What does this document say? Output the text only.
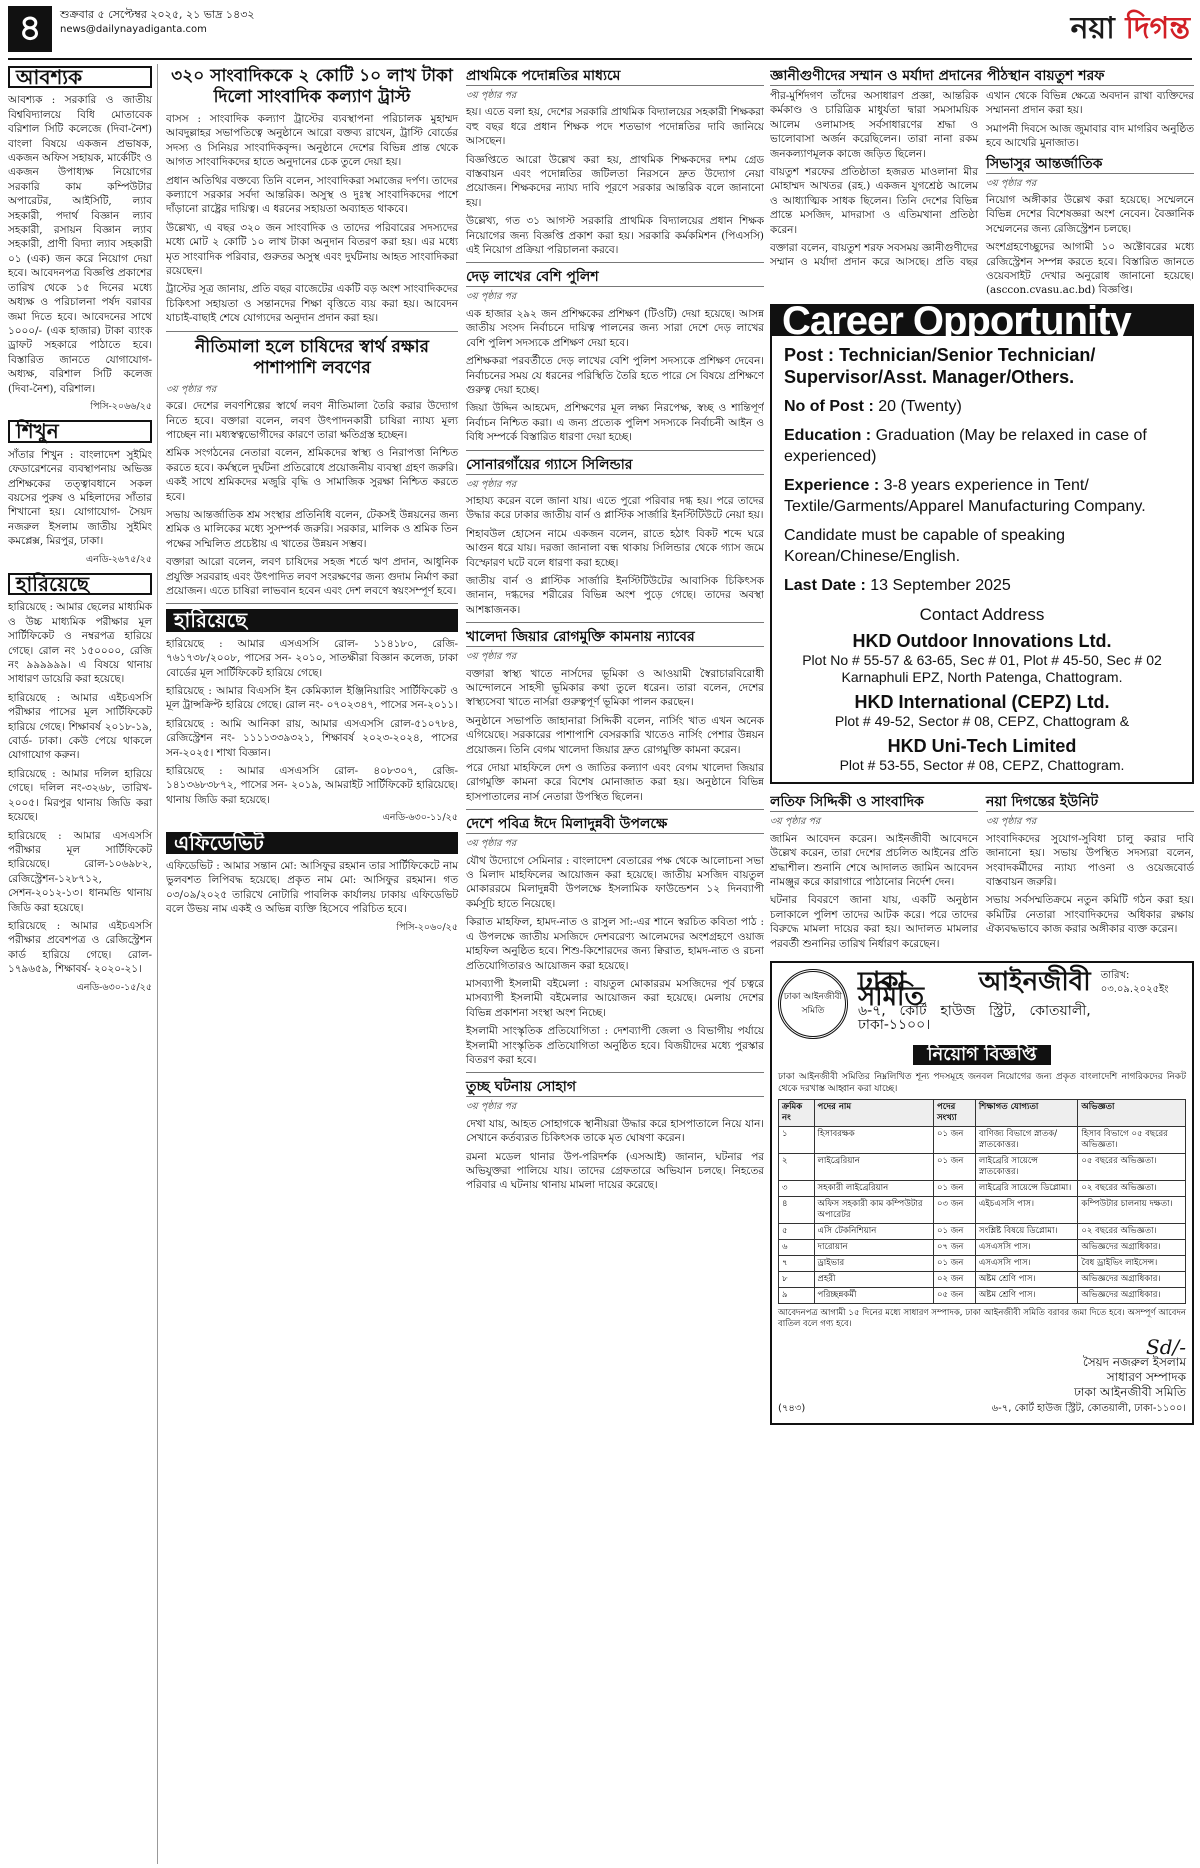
৪	শুক্রবার ৫ সেপ্টেম্বর ২০২৫, ২১ ভাদ্র ১৪৩২
news@dailynayadiganta.com	নয়া দিগন্ত
আবশ্যক

আবশ্যক : সরকারি ও জাতীয় বিশ্ববিদ্যালয়ে বিধি মোতাবেক বরিশাল সিটি কলেজে (দিবা-নৈশ) বাংলা বিষয়ে একজন প্রভাষক, একজন অফিস সহায়ক, মার্কেটিং ও একজন উপাধ্যক্ষ নিয়োগের সরকারি কাম কম্পিউটার অপারেটর, আইসিটি, ল্যাব সহকারী, পদার্থ বিজ্ঞান ল্যাব সহকারী, রসায়ন বিজ্ঞান ল্যাব সহকারী, প্রাণী বিদ্যা ল্যাব সহকারী ০১ (এক) জন করে নিয়োগ দেয়া হবে। আবেদনপত্র বিজ্ঞপ্তি প্রকাশের তারিখ থেকে ১৫ দিনের মধ্যে অধ্যক্ষ ও পরিচালনা পর্ষদ বরাবর জমা দিতে হবে। আবেদনের সাথে ১০০০/- (এক হাজার) টাকা ব্যাংক ড্রাফট সহকারে পাঠাতে হবে। বিস্তারিত জানতে যোগাযোগ- অধ্যক্ষ, বরিশাল সিটি কলেজ (দিবা-নৈশ), বরিশাল।

পিসি-২০৬৬/২৫
শিখুন

সাঁতার শিখুন : বাংলাদেশ সুইমিং ফেডারেশনের ব্যবস্থাপনায় অভিজ্ঞ প্রশিক্ষকের তত্ত্বাবধানে সকল বয়সের পুরুষ ও মহিলাদের সাঁতার শিখানো হয়। যোগাযোগ- সৈয়দ নজরুল ইসলাম জাতীয় সুইমিং কমপ্লেক্স, মিরপুর, ঢাকা।

এনডি-২৬৭৫/২৫
হারিয়েছে

হারিয়েছে : আমার ছেলের মাধ্যমিক ও উচ্চ মাধ্যমিক পরীক্ষার মূল সার্টিফিকেট ও নম্বরপত্র হারিয়ে গেছে। রোল নং ১৫০০০০, রেজি নং ৯৯৯৯৯৯। এ বিষয়ে থানায় সাধারণ ডায়েরি করা হয়েছে।

হারিয়েছে : আমার এইচএসসি পরীক্ষার পাসের মূল সার্টিফিকেট হারিয়ে গেছে। শিক্ষাবর্ষ ২০১৮-১৯, বোর্ড- ঢাকা। কেউ পেয়ে থাকলে যোগাযোগ করুন।

হারিয়েছে : আমার দলিল হারিয়ে গেছে। দলিল নং-৩২৬৮, তারিখ- ২০০৫। মিরপুর থানায় জিডি করা হয়েছে।

হারিয়েছে : আমার এসএসসি পরীক্ষার মূল সার্টিফিকেট হারিয়েছে। রোল-১০৬৯৮২, রেজিস্ট্রেশন-১২৮৭১২, সেশন-২০১২-১৩। ধানমন্ডি থানায় জিডি করা হয়েছে।

হারিয়েছে : আমার এইচএসসি পরীক্ষার প্রবেশপত্র ও রেজিস্ট্রেশন কার্ড হারিয়ে গেছে। রোল- ১৭৯৬৫৯, শিক্ষাবর্ষ- ২০২০-২১।

এনডি-৬৩০-১৫/২৫
৩২০ সাংবাদিককে ২ কোটি ১০ লাখ টাকা দিলো সাংবাদিক কল্যাণ ট্রাস্ট

বাসস : সাংবাদিক কল্যাণ ট্রাস্টের ব্যবস্থাপনা পরিচালক মুহাম্মদ আবদুল্লাহর সভাপতিত্বে অনুষ্ঠানে আরো বক্তব্য রাখেন, ট্রাস্টি বোর্ডের সদস্য ও সিনিয়র সাংবাদিকবৃন্দ। অনুষ্ঠানে দেশের বিভিন্ন প্রান্ত থেকে আগত সাংবাদিকদের হাতে অনুদানের চেক তুলে দেয়া হয়।

প্রধান অতিথির বক্তব্যে তিনি বলেন, সাংবাদিকরা সমাজের দর্পণ। তাদের কল্যাণে সরকার সর্বদা আন্তরিক। অসুস্থ ও দুঃস্থ সাংবাদিকদের পাশে দাঁড়ানো রাষ্ট্রের দায়িত্ব। এ ধরনের সহায়তা অব্যাহত থাকবে।

উল্লেখ্য, এ বছর ৩২০ জন সাংবাদিক ও তাদের পরিবারের সদস্যদের মধ্যে মোট ২ কোটি ১০ লাখ টাকা অনুদান বিতরণ করা হয়। এর মধ্যে মৃত সাংবাদিক পরিবার, গুরুতর অসুস্থ এবং দুর্ঘটনায় আহত সাংবাদিকরা রয়েছেন।

ট্রাস্টের সূত্র জানায়, প্রতি বছর বাজেটের একটি বড় অংশ সাংবাদিকদের চিকিৎসা সহায়তা ও সন্তানদের শিক্ষা বৃত্তিতে ব্যয় করা হয়। আবেদন যাচাই-বাছাই শেষে যোগ্যদের অনুদান প্রদান করা হয়।

নীতিমালা হলে চাষিদের স্বার্থ রক্ষার পাশাপাশি লবণের
৩য় পৃষ্ঠার পর

করে। দেশের লবণশিল্পের স্বার্থে লবণ নীতিমালা তৈরি করার উদ্যোগ নিতে হবে। বক্তারা বলেন, লবণ উৎপাদনকারী চাষিরা ন্যায্য মূল্য পাচ্ছেন না। মধ্যস্বত্বভোগীদের কারণে তারা ক্ষতিগ্রস্ত হচ্ছেন।

শ্রমিক সংগঠনের নেতারা বলেন, শ্রমিকদের স্বাস্থ্য ও নিরাপত্তা নিশ্চিত করতে হবে। কর্মস্থলে দুর্ঘটনা প্রতিরোধে প্রয়োজনীয় ব্যবস্থা গ্রহণ জরুরি। একই সাথে শ্রমিকদের মজুরি বৃদ্ধি ও সামাজিক সুরক্ষা নিশ্চিত করতে হবে।

সভায় আন্তর্জাতিক শ্রম সংস্থার প্রতিনিধি বলেন, টেকসই উন্নয়নের জন্য শ্রমিক ও মালিকের মধ্যে সুসম্পর্ক জরুরি। সরকার, মালিক ও শ্রমিক তিন পক্ষের সম্মিলিত প্রচেষ্টায় এ খাতের উন্নয়ন সম্ভব।

বক্তারা আরো বলেন, লবণ চাষিদের সহজ শর্তে ঋণ প্রদান, আধুনিক প্রযুক্তি সরবরাহ এবং উৎপাদিত লবণ সংরক্ষণের জন্য গুদাম নির্মাণ করা প্রয়োজন। এতে চাষিরা লাভবান হবেন এবং দেশ লবণে স্বয়ংসম্পূর্ণ হবে।

হারিয়েছে

হারিয়েছে : আমার এসএসসি রোল- ১১৪১৮০, রেজি- ৭৬১৭৩৮/২০০৮, পাসের সন- ২০১০, সাতক্ষীরা বিজ্ঞান কলেজ, ঢাকা বোর্ডের মূল সার্টিফিকেট হারিয়ে গেছে।

হারিয়েছে : আমার বিএসসি ইন কেমিক্যাল ইঞ্জিনিয়ারিং সার্টিফিকেট ও মূল ট্রান্সক্রিপ্ট হারিয়ে গেছে। রোল নং- ০৭০২৩৪৭, পাসের সন-২০১১।

হারিয়েছে : আমি আনিকা রায়, আমার এসএসসি রোল-৫১০৭৮৪, রেজিস্ট্রেশন নং- ১১১১৩৩৯৩২১, শিক্ষাবর্ষ ২০২৩-২০২৪, পাসের সন-২০২৫। শাখা বিজ্ঞান।

হারিয়েছে : আমার এসএসসি রোল- ৪০৮৩০৭, রেজি- ১৪১৩৬৮৩৮৭২, পাসের সন- ২০১৯, আমরাইট সার্টিফিকেট হারিয়েছে। থানায় জিডি করা হয়েছে।

এনডি-৬৩০-১১/২৫
এফিডেভিট

এফিডেভিট : আমার সন্তান মো: আসিফুর রহমান তার সার্টিফিকেটে নাম ভুলবশত লিপিবদ্ধ হয়েছে। প্রকৃত নাম মো: আসিফুর রহমান। গত ০৩/০৯/২০২৫ তারিখে নোটারি পাবলিক কার্যালয় ঢাকায় এফিডেভিট বলে উভয় নাম একই ও অভিন্ন ব্যক্তি হিসেবে পরিচিত হবে।

পিসি-২০৬০/২৫
প্রাথমিকে পদোন্নতির মাধ্যমে
৩য় পৃষ্ঠার পর

হয়। এতে বলা হয়, দেশের সরকারি প্রাথমিক বিদ্যালয়ের সহকারী শিক্ষকরা বহু বছর ধরে প্রধান শিক্ষক পদে শতভাগ পদোন্নতির দাবি জানিয়ে আসছেন।

বিজ্ঞপ্তিতে আরো উল্লেখ করা হয়, প্রাথমিক শিক্ষকদের দশম গ্রেড বাস্তবায়ন এবং পদোন্নতির জটিলতা নিরসনে দ্রুত উদ্যোগ নেয়া প্রয়োজন। শিক্ষকদের ন্যায্য দাবি পূরণে সরকার আন্তরিক বলে জানানো হয়।

উল্লেখ্য, গত ৩১ আগস্ট সরকারি প্রাথমিক বিদ্যালয়ের প্রধান শিক্ষক নিয়োগের জন্য বিজ্ঞপ্তি প্রকাশ করা হয়। সরকারি কর্মকমিশন (পিএসসি) এই নিয়োগ প্রক্রিয়া পরিচালনা করবে।

দেড় লাখের বেশি পুলিশ
৩য় পৃষ্ঠার পর

এক হাজার ২৯২ জন প্রশিক্ষকের প্রশিক্ষণ (টিওটি) দেয়া হয়েছে। আসন্ন জাতীয় সংসদ নির্বাচনে দায়িত্ব পালনের জন্য সারা দেশে দেড় লাখের বেশি পুলিশ সদস্যকে প্রশিক্ষণ দেয়া হবে।

প্রশিক্ষকরা পরবর্তীতে দেড় লাখের বেশি পুলিশ সদস্যকে প্রশিক্ষণ দেবেন। নির্বাচনের সময় যে ধরনের পরিস্থিতি তৈরি হতে পারে সে বিষয়ে প্রশিক্ষণে গুরুত্ব দেয়া হচ্ছে।

জিয়া উদ্দিন আহমেদ, প্রশিক্ষণের মূল লক্ষ্য নিরপেক্ষ, স্বচ্ছ ও শান্তিপূর্ণ নির্বাচন নিশ্চিত করা। এ জন্য প্রত্যেক পুলিশ সদস্যকে নির্বাচনী আইন ও বিধি সম্পর্কে বিস্তারিত ধারণা দেয়া হচ্ছে।

সোনারগাঁয়ের গ্যাসে সিলিন্ডার
৩য় পৃষ্ঠার পর

সাহায্য করেন বলে জানা যায়। এতে পুরো পরিবার দগ্ধ হয়। পরে তাদের উদ্ধার করে ঢাকার জাতীয় বার্ন ও প্লাস্টিক সার্জারি ইনস্টিটিউটে নেয়া হয়।

শিহাবউল হোসেন নামে একজন বলেন, রাতে হঠাৎ বিকট শব্দে ঘরে আগুন ধরে যায়। দরজা জানালা বন্ধ থাকায় সিলিন্ডার থেকে গ্যাস জমে বিস্ফোরণ ঘটে বলে ধারণা করা হচ্ছে।

জাতীয় বার্ন ও প্লাস্টিক সার্জারি ইনস্টিটিউটের আবাসিক চিকিৎসক জানান, দগ্ধদের শরীরের বিভিন্ন অংশ পুড়ে গেছে। তাদের অবস্থা আশঙ্কাজনক।

খালেদা জিয়ার রোগমুক্তি কামনায় ন্যাবের
৩য় পৃষ্ঠার পর

বক্তারা স্বাস্থ্য খাতে নার্সদের ভূমিকা ও আওয়ামী স্বৈরাচারবিরোধী আন্দোলনে সাহসী ভূমিকার কথা তুলে ধরেন। তারা বলেন, দেশের স্বাস্থ্যসেবা খাতে নার্সরা গুরুত্বপূর্ণ ভূমিকা পালন করছেন।

অনুষ্ঠানে সভাপতি জাহানারা সিদ্দিকী বলেন, নার্সিং খাত এখন অনেক এগিয়েছে। সরকারের পাশাপাশি বেসরকারি খাতেও নার্সিং পেশার উন্নয়ন প্রয়োজন। তিনি বেগম খালেদা জিয়ার দ্রুত রোগমুক্তি কামনা করেন।

পরে দোয়া মাহফিলে দেশ ও জাতির কল্যাণ এবং বেগম খালেদা জিয়ার রোগমুক্তি কামনা করে বিশেষ মোনাজাত করা হয়। অনুষ্ঠানে বিভিন্ন হাসপাতালের নার্স নেতারা উপস্থিত ছিলেন।

দেশে পবিত্র ঈদে মিলাদুন্নবী উপলক্ষে
৩য় পৃষ্ঠার পর

যৌথ উদ্যোগে সেমিনার : বাংলাদেশ বেতারের পক্ষ থেকে আলোচনা সভা ও মিলাদ মাহফিলের আয়োজন করা হয়েছে। জাতীয় মসজিদ বায়তুল মোকাররমে মিলাদুন্নবী উপলক্ষে ইসলামিক ফাউন্ডেশন ১২ দিনব্যাপী কর্মসূচি হাতে নিয়েছে।

কিরাত মাহফিল, হামদ-নাত ও রাসুল সা:-এর শানে স্বরচিত কবিতা পাঠ : এ উপলক্ষে জাতীয় মসজিদে দেশবরেণ্য আলেমদের অংশগ্রহণে ওয়াজ মাহফিল অনুষ্ঠিত হবে। শিশু-কিশোরদের জন্য ক্বিরাত, হামদ-নাত ও রচনা প্রতিযোগিতারও আয়োজন করা হয়েছে।

মাসব্যাপী ইসলামী বইমেলা : বায়তুল মোকাররম মসজিদের পূর্ব চত্বরে মাসব্যাপী ইসলামী বইমেলার আয়োজন করা হয়েছে। মেলায় দেশের বিভিন্ন প্রকাশনা সংস্থা অংশ নিচ্ছে।

ইসলামী সাংস্কৃতিক প্রতিযোগিতা : দেশব্যাপী জেলা ও বিভাগীয় পর্যায়ে ইসলামী সাংস্কৃতিক প্রতিযোগিতা অনুষ্ঠিত হবে। বিজয়ীদের মধ্যে পুরস্কার বিতরণ করা হবে।

তুচ্ছ ঘটনায় সোহাগ
৩য় পৃষ্ঠার পর

দেখা যায়, আহত সোহাগকে স্থানীয়রা উদ্ধার করে হাসপাতালে নিয়ে যান। সেখানে কর্তব্যরত চিকিৎসক তাকে মৃত ঘোষণা করেন।

রমনা মডেল থানার উপ-পরিদর্শক (এসআই) জানান, ঘটনার পর অভিযুক্তরা পালিয়ে যায়। তাদের গ্রেফতারে অভিযান চলছে। নিহতের পরিবার এ ঘটনায় থানায় মামলা দায়ের করেছে।

জ্ঞানীগুণীদের সম্মান ও মর্যাদা প্রদানের পীঠস্থান বায়তুশ শরফ

পীর-মুর্শিদগণ তাঁদের অসাধারণ প্রজ্ঞা, আন্তরিক কর্মকাণ্ড ও চারিত্রিক মাধুর্যতা দ্বারা সমসাময়িক আলেম ওলামাসহ সর্বসাধারণের শ্রদ্ধা ও ভালোবাসা অর্জন করেছিলেন। তারা নানা রকম জনকল্যাণমূলক কাজে জড়িত ছিলেন।

বায়তুশ শরফের প্রতিষ্ঠাতা হজরত মাওলানা মীর মোহাম্মদ আখতর (রহ.) একজন যুগশ্রেষ্ঠ আলেম ও আধ্যাত্মিক সাধক ছিলেন। তিনি দেশের বিভিন্ন প্রান্তে মসজিদ, মাদরাসা ও এতিমখানা প্রতিষ্ঠা করেন।

বক্তারা বলেন, বায়তুশ শরফ সবসময় জ্ঞানীগুণীদের সম্মান ও মর্যাদা প্রদান করে আসছে। প্রতি বছর এখান থেকে বিভিন্ন ক্ষেত্রে অবদান রাখা ব্যক্তিদের সম্মাননা প্রদান করা হয়।

সমাপনী দিবসে আজ জুমাবার বাদ মাগরিব অনুষ্ঠিত হবে আখেরি মুনাজাত।

সিভাসুর আন্তর্জাতিক
৩য় পৃষ্ঠার পর

নিয়োগ অঙ্গীকার উল্লেখ করা হয়েছে। সম্মেলনে বিভিন্ন দেশের বিশেষজ্ঞরা অংশ নেবেন। বৈজ্ঞানিক সম্মেলনের জন্য রেজিস্ট্রেশন চলছে।

অংশগ্রহণেচ্ছুদের আগামী ১০ অক্টোবরের মধ্যে রেজিস্ট্রেশন সম্পন্ন করতে হবে। বিস্তারিত জানতে ওয়েবসাইট দেখার অনুরোধ জানানো হয়েছে। (asccon.cvasu.ac.bd) বিজ্ঞপ্তি।

Career Opportunity

Post : Technician/Senior Technician/ Supervisor/Asst. Manager/Others.

No of Post : 20 (Twenty)

Education : Graduation (May be relaxed in case of experienced)

Experience : 3-8 years experience in Tent/ Textile/Garments/Apparel Manufacturing Company.

Candidate must be capable of speaking Korean/Chinese/English.

Last Date : 13 September 2025

Contact Address
HKD Outdoor Innovations Ltd.
Plot No # 55-57 & 63-65, Sec # 01, Plot # 45-50, Sec # 02 Karnaphuli EPZ, North Patenga, Chattogram.
HKD International (CEPZ) Ltd.
Plot # 49-52, Sector # 08, CEPZ, Chattogram &
HKD Uni-Tech Limited
Plot # 53-55, Sector # 08, CEPZ, Chattogram.
লতিফ সিদ্দিকী ও সাংবাদিক
৩য় পৃষ্ঠার পর

জামিন আবেদন করেন। আইনজীবী আবেদনে উল্লেখ করেন, তারা দেশের প্রচলিত আইনের প্রতি শ্রদ্ধাশীল। শুনানি শেষে আদালত জামিন আবেদন নামঞ্জুর করে কারাগারে পাঠানোর নির্দেশ দেন।

ঘটনার বিবরণে জানা যায়, একটি অনুষ্ঠান চলাকালে পুলিশ তাদের আটক করে। পরে তাদের বিরুদ্ধে মামলা দায়ের করা হয়। আদালত মামলার পরবর্তী শুনানির তারিখ নির্ধারণ করেছেন।

নয়া দিগন্তের ইউনিট
৩য় পৃষ্ঠার পর

সাংবাদিকদের সুযোগ-সুবিধা চালু করার দাবি জানানো হয়। সভায় উপস্থিত সদস্যরা বলেন, সংবাদকর্মীদের ন্যায্য পাওনা ও ওয়েজবোর্ড বাস্তবায়ন জরুরি।

সভায় সর্বসম্মতিক্রমে নতুন কমিটি গঠন করা হয়। কমিটির নেতারা সাংবাদিকদের অধিকার রক্ষায় ঐক্যবদ্ধভাবে কাজ করার অঙ্গীকার ব্যক্ত করেন।

ঢাকা আইনজীবী সমিতি
ঢাকা আইনজীবী সমিতি
৬-৭, কোর্ট হাউজ স্ট্রিট, কোতয়ালী, ঢাকা-১১০০।
তারিখ: ০৩.০৯.২০২৫ইং
নিয়োগ বিজ্ঞপ্তি
ঢাকা আইনজীবী সমিতির নিম্নলিখিত শূন্য পদসমূহে জনবল নিয়োগের জন্য প্রকৃত বাংলাদেশি নাগরিকদের নিকট থেকে দরখাস্ত আহ্বান করা যাচ্ছে।
ক্রমিক নং	পদের নাম	পদের সংখ্যা	শিক্ষাগত যোগ্যতা	অভিজ্ঞতা
১	হিসাবরক্ষক	০১ জন	বাণিজ্য বিভাগে স্নাতক/স্নাতকোত্তর।	হিসাব বিভাগে ০৫ বছরের অভিজ্ঞতা।
২	লাইব্রেরিয়ান	০১ জন	লাইব্রেরি সায়েন্সে স্নাতকোত্তর।	০৫ বছরের অভিজ্ঞতা।
৩	সহকারী লাইব্রেরিয়ান	০১ জন	লাইব্রেরি সায়েন্সে ডিপ্লোমা।	০২ বছরের অভিজ্ঞতা।
৪	অফিস সহকারী কাম কম্পিউটার অপারেটর	০৩ জন	এইচএসসি পাস।	কম্পিউটার চালনায় দক্ষতা।
৫	এসি টেকনিশিয়ান	০১ জন	সংশ্লিষ্ট বিষয়ে ডিপ্লোমা।	০২ বছরের অভিজ্ঞতা।
৬	দারোয়ান	০৭ জন	এসএসসি পাস।	অভিজ্ঞদের অগ্রাধিকার।
৭	ড্রাইভার	০১ জন	এসএসসি পাস।	বৈধ ড্রাইভিং লাইসেন্স।
৮	প্রহরী	০২ জন	অষ্টম শ্রেণি পাস।	অভিজ্ঞদের অগ্রাধিকার।
৯	পরিচ্ছন্নকর্মী	০৫ জন	অষ্টম শ্রেণি পাস।	অভিজ্ঞদের অগ্রাধিকার।
আবেদনপত্র আগামী ১৫ দিনের মধ্যে সাধারণ সম্পাদক, ঢাকা আইনজীবী সমিতি বরাবর জমা দিতে হবে। অসম্পূর্ণ আবেদন বাতিল বলে গণ্য হবে।
Sd/-
সৈয়দ নজরুল ইসলাম
সাধারণ সম্পাদক
ঢাকা আইনজীবী সমিতি
(৭৪৩)	৬-৭, কোর্ট হাউজ স্ট্রিট, কোতয়ালী, ঢাকা-১১০০।
